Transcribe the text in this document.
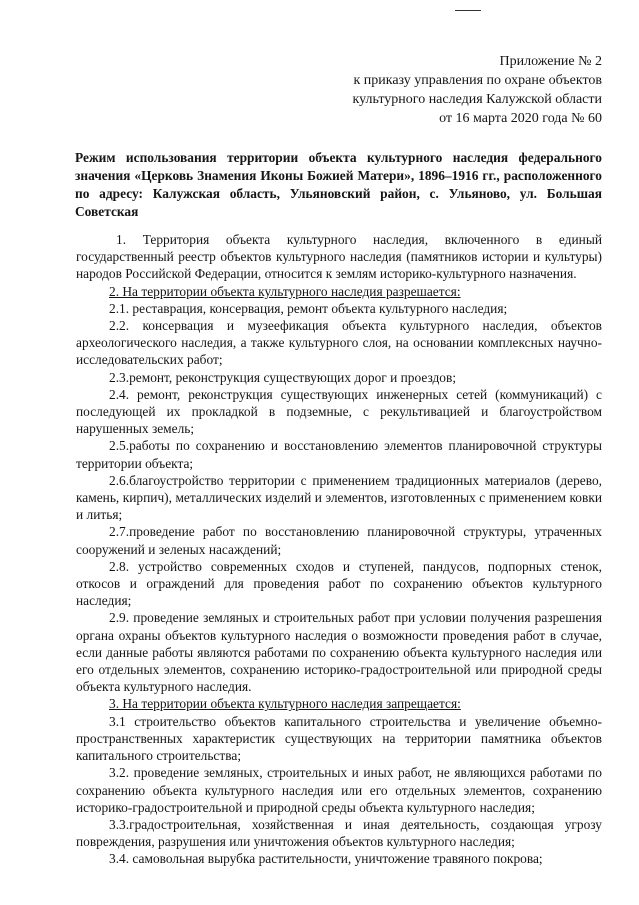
Приложение № 2
к приказу управления по охране объектов
культурного наследия Калужской области
от 16 марта 2020 года № 60
Режим использования территории объекта культурного наследия федерального значения «Церковь Знамения Иконы Божией Матери», 1896–1916 гг., расположенного по адресу: Калужская область, Ульяновский район, с. Ульяново, ул. Большая Советская

1. Территория объекта культурного наследия, включенного в единый государственный реестр объектов культурного наследия (памятников истории и культуры) народов Российской Федерации, относится к землям историко-культурного назначения.

2. На территории объекта культурного наследия разрешается:

2.1. реставрация, консервация, ремонт объекта культурного наследия;

2.2. консервация и музеефикация объекта культурного наследия, объектов археологического наследия, а также культурного слоя, на основании комплексных научно-исследовательских работ;

2.3.ремонт, реконструкция существующих дорог и проездов;

2.4. ремонт, реконструкция существующих инженерных сетей (коммуникаций) с последующей их прокладкой в подземные, с рекультивацией и благоустройством нарушенных земель;

2.5.работы по сохранению и восстановлению элементов планировочной структуры территории объекта;

2.6.благоустройство территории с применением традиционных материалов (дерево, камень, кирпич), металлических изделий и элементов, изготовленных с применением ковки и литья;

2.7.проведение работ по восстановлению планировочной структуры, утраченных сооружений и зеленых насаждений;

2.8. устройство современных сходов и ступеней, пандусов, подпорных стенок, откосов и ограждений для проведения работ по сохранению объектов культурного наследия;

2.9. проведение земляных и строительных работ при условии получения разрешения органа охраны объектов культурного наследия о возможности проведения работ в случае, если данные работы являются работами по сохранению объекта культурного наследия или его отдельных элементов, сохранению историко-градостроительной или природной среды объекта культурного наследия.

3. На территории объекта культурного наследия запрещается:

3.1 строительство объектов капитального строительства и увеличение объемно-пространственных характеристик существующих на территории памятника объектов капитального строительства;

3.2. проведение земляных, строительных и иных работ, не являющихся работами по сохранению объекта культурного наследия или его отдельных элементов, сохранению историко-градостроительной и природной среды объекта культурного наследия;

3.3.градостроительная, хозяйственная и иная деятельность, создающая угрозу повреждения, разрушения или уничтожения объектов культурного наследия;

3.4. самовольная вырубка растительности, уничтожение травяного покрова;
